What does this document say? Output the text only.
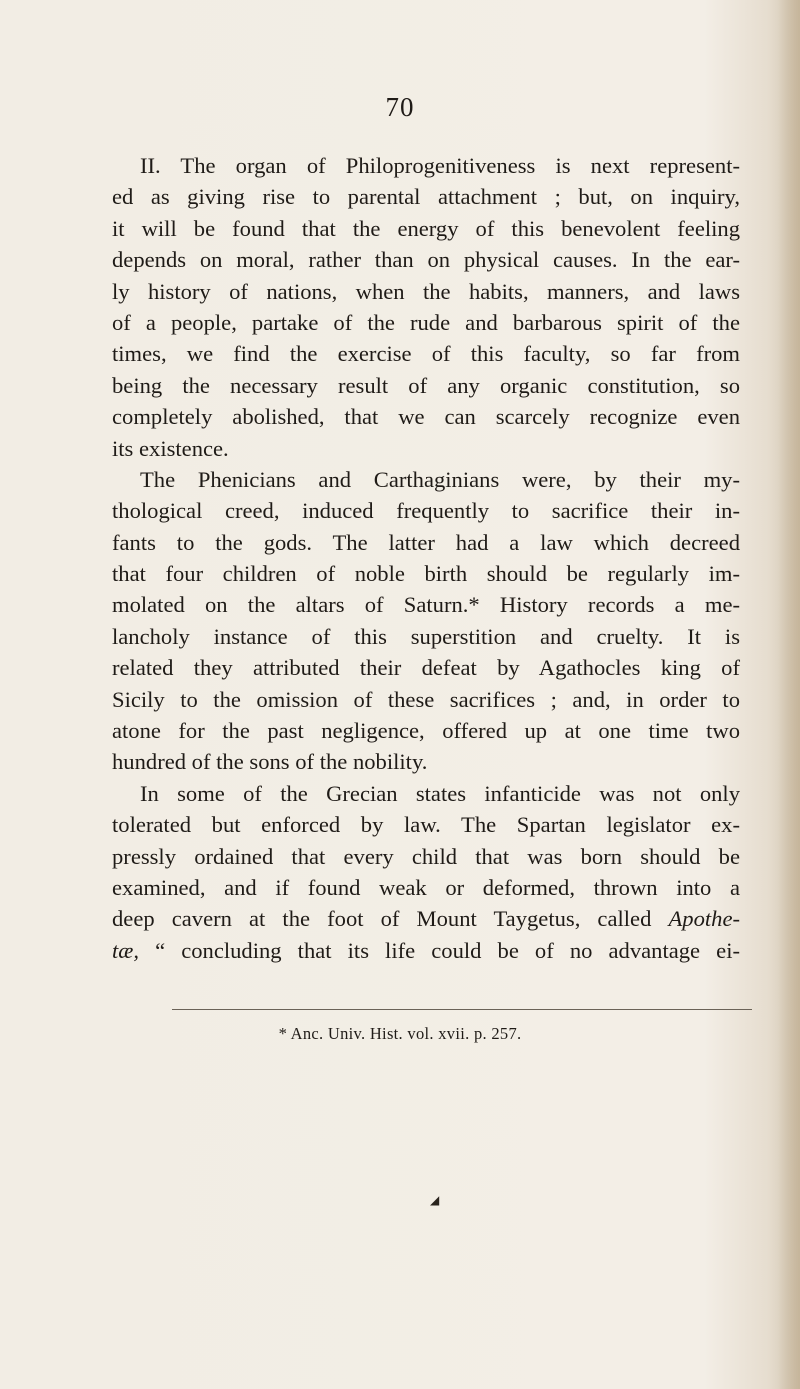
70
II. The organ of Philoprogenitiveness is next represent-
ed as giving rise to parental attachment ; but, on inquiry,
it will be found that the energy of this benevolent feeling
depends on moral, rather than on physical causes. In the ear-
ly history of nations, when the habits, manners, and laws
of a people, partake of the rude and barbarous spirit of the
times, we find the exercise of this faculty, so far from
being the necessary result of any organic constitution, so
completely abolished, that we can scarcely recognize even
its existence.
The Phenicians and Carthaginians were, by their my-
thological creed, induced frequently to sacrifice their in-
fants to the gods. The latter had a law which decreed
that four children of noble birth should be regularly im-
molated on the altars of Saturn.* History records a me-
lancholy instance of this superstition and cruelty. It is
related they attributed their defeat by Agathocles king of
Sicily to the omission of these sacrifices ; and, in order to
atone for the past negligence, offered up at one time two
hundred of the sons of the nobility.
In some of the Grecian states infanticide was not only
tolerated but enforced by law. The Spartan legislator ex-
pressly ordained that every child that was born should be
examined, and if found weak or deformed, thrown into a
deep cavern at the foot of Mount Taygetus, called Apothe-
tæ, “ concluding that its life could be of no advantage ei-
* Anc. Univ. Hist. vol. xvii. p. 257.
◢
